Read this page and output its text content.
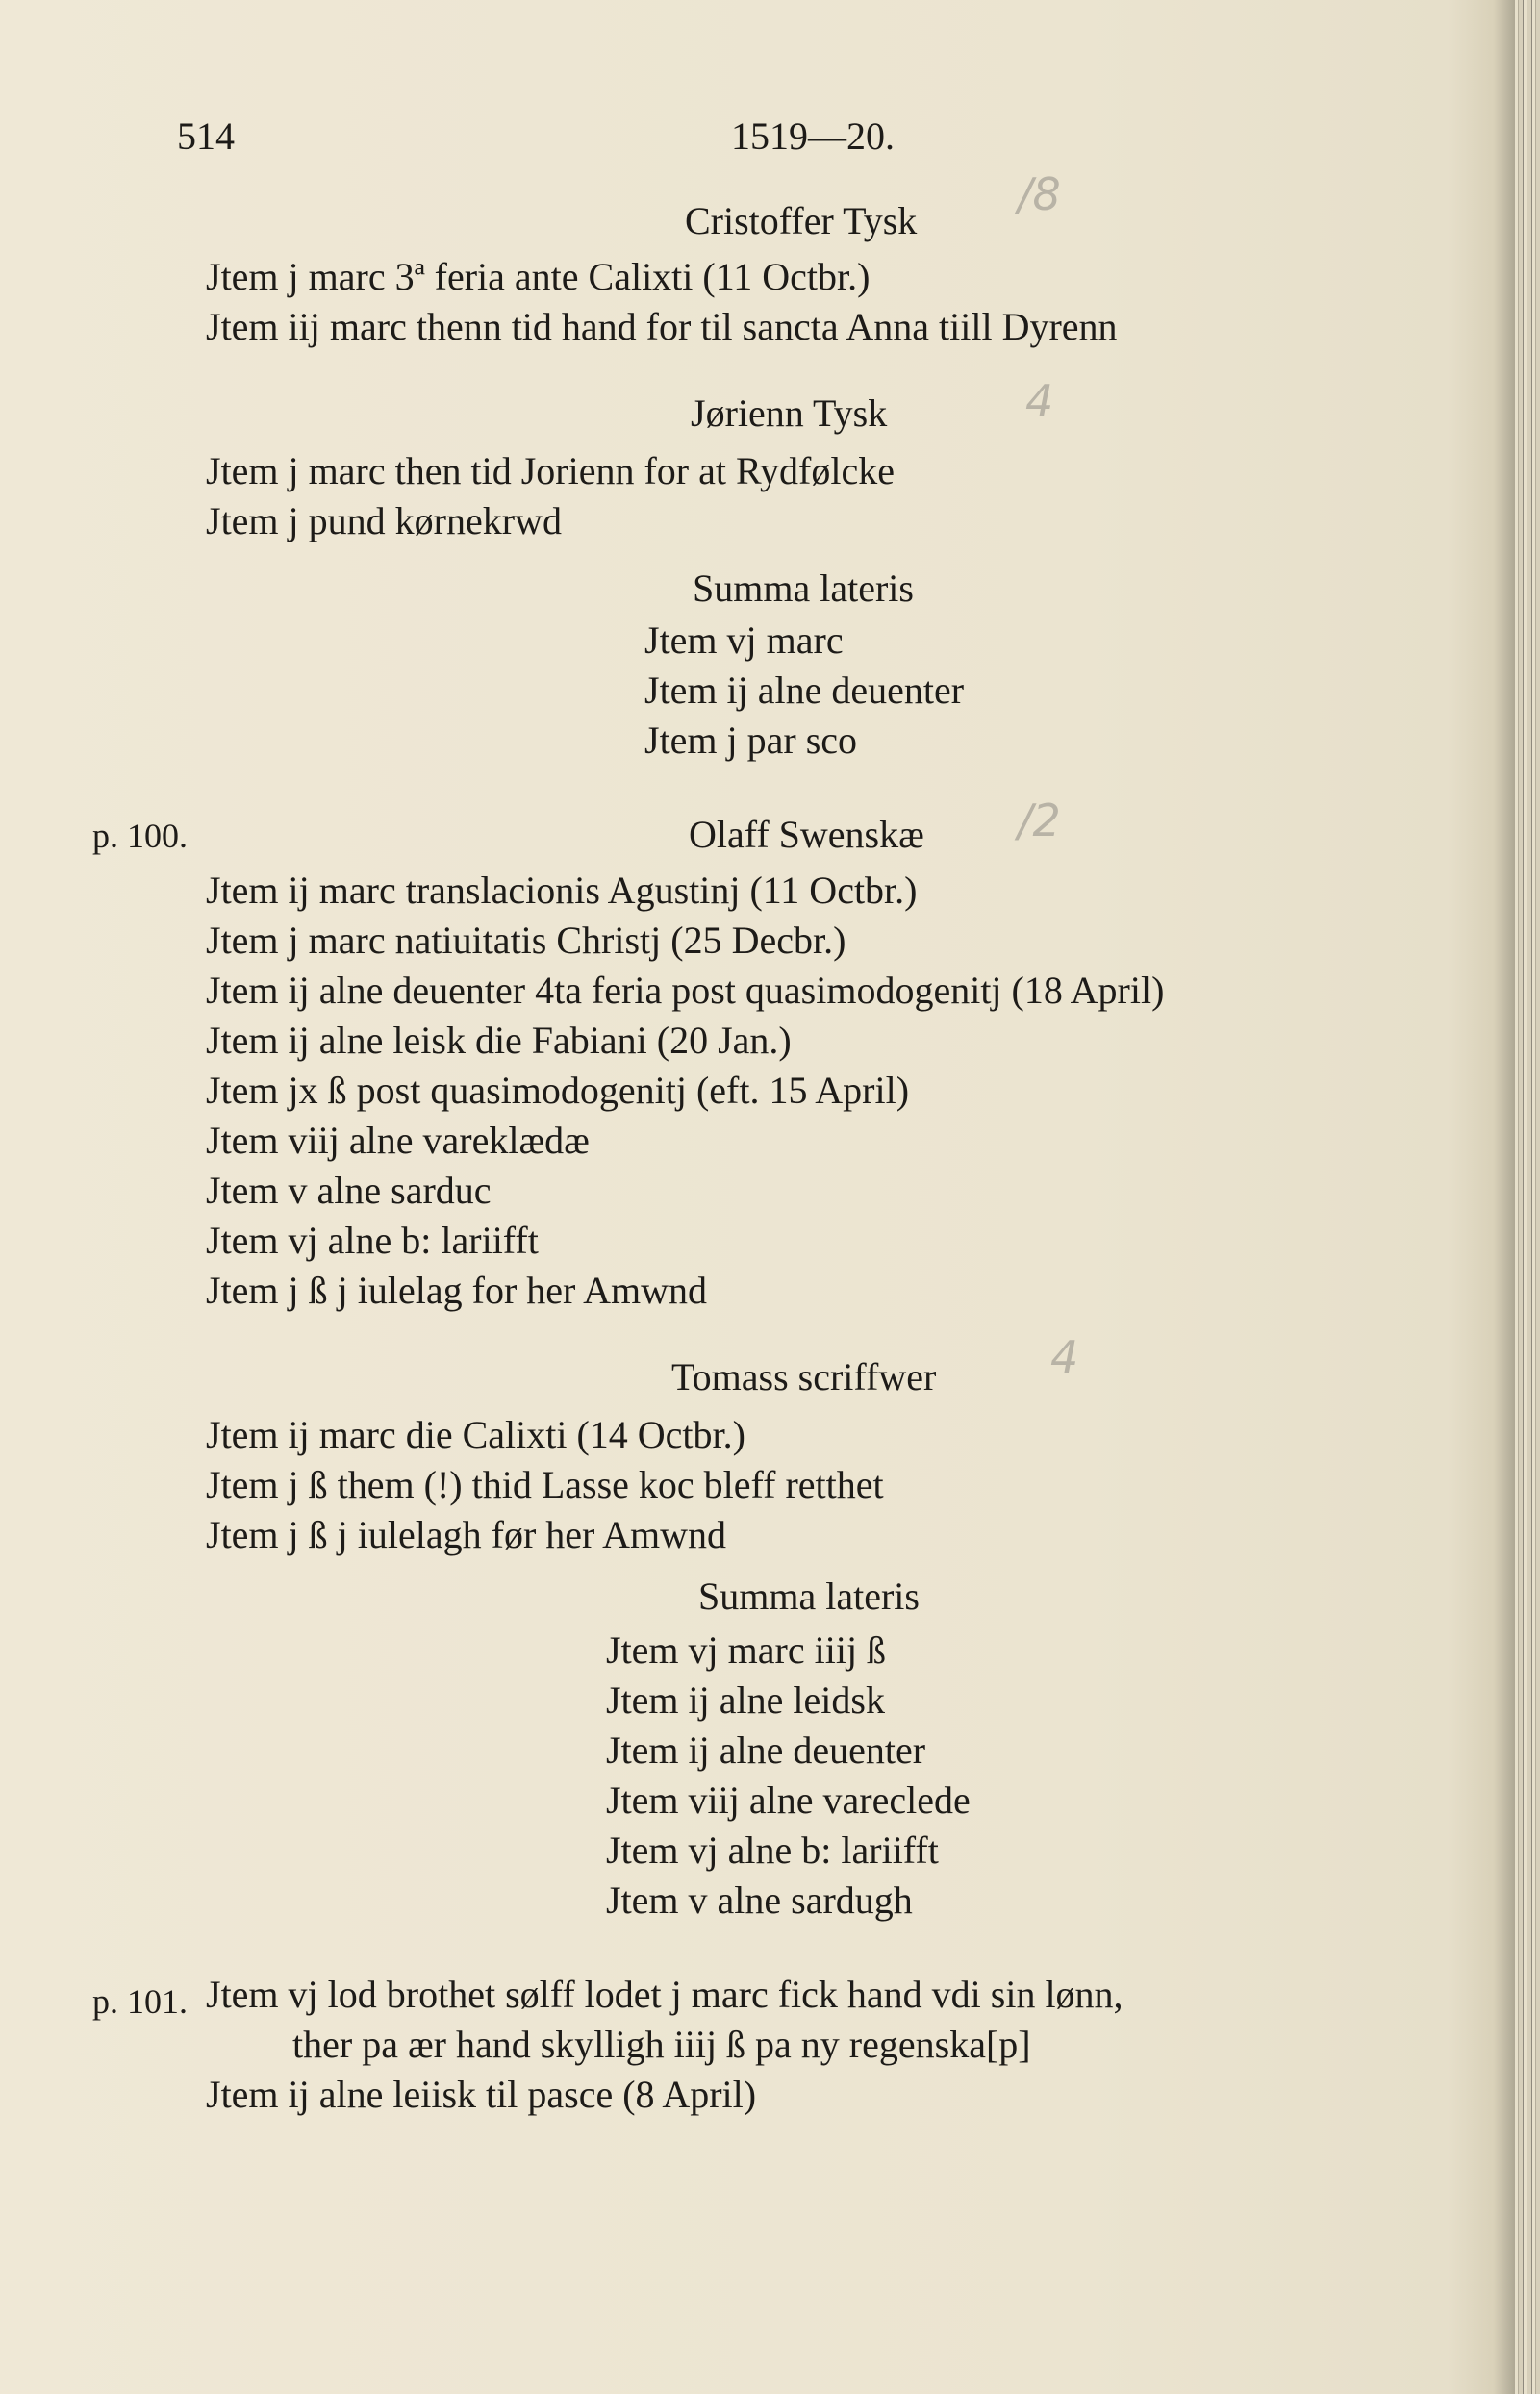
514	1519—20.
/8
4
/2
4
Cristoffer Tysk
Jtem j marc 3ª feria ante Calixti (11 Octbr.)
Jtem iij marc thenn tid hand for til sancta Anna tiill Dyrenn
Jørienn Tysk
Jtem j marc then tid Jorienn for at Rydfølcke
Jtem j pund kørnekrwd
Summa lateris
Jtem vj marc
Jtem ij alne deuenter
Jtem j par sco
p. 100.	Olaff Swenskæ
Jtem ij marc translacionis Agustinj (11 Octbr.)
Jtem j marc natiuitatis Christj (25 Decbr.)
Jtem ij alne deuenter 4ta feria post quasimodogenitj (18 April)
Jtem ij alne leisk die Fabiani (20 Jan.)
Jtem jx ß post quasimodogenitj (eft. 15 April)
Jtem viij alne vareklædæ
Jtem v alne sarduc
Jtem vj alne b: lariifft
Jtem j ß j iulelag for her Amwnd
Tomass scriffwer
Jtem ij marc die Calixti (14 Octbr.)
Jtem j ß them (!) thid Lasse koc bleff retthet
Jtem j ß j iulelagh før her Amwnd
Summa lateris
Jtem vj marc iiij ß
Jtem ij alne leidsk
Jtem ij alne deuenter
Jtem viij alne vareclede
Jtem vj alne b: lariifft
Jtem v alne sardugh
p. 101. Jtem vj lod brothet sølff lodet j marc fick hand vdi sin lønn,
ther pa ær hand skylligh iiij ß pa ny regenska[p]
Jtem ij alne leiisk til pasce (8 April)
